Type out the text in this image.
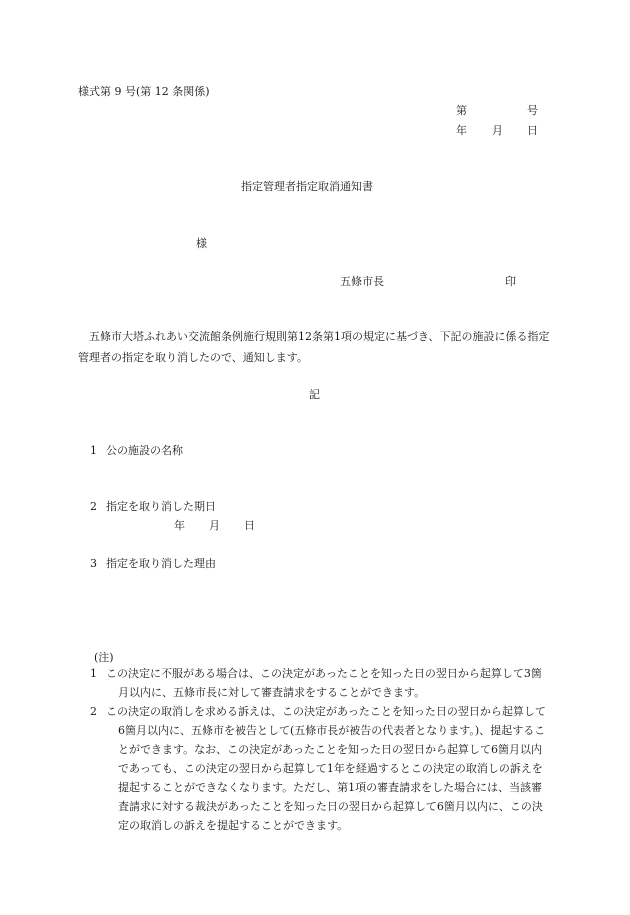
様式第 9 号(第 12 条関係)
第	号
年 月 日
指定管理者指定取消通知書
様
五條市長	印
五條市大塔ふれあい交流館条例施行規則第12条第1項の規定に基づき、下記の施設に係る指定管理者の指定を取り消したので、通知します。
記
1 公の施設の名称
2 指定を取り消した期日
年 月 日
3 指定を取り消した理由
(注)
1 この決定に不服がある場合は、この決定があったことを知った日の翌日から起算して3箇月以内に、五條市長に対して審査請求をすることができます。
2 この決定の取消しを求める訴えは、この決定があったことを知った日の翌日から起算して6箇月以内に、五條市を被告として(五條市長が被告の代表者となります。)、提起することができます。なお、この決定があったことを知った日の翌日から起算して6箇月以内であっても、この決定の翌日から起算して1年を経過するとこの決定の取消しの訴えを提起することができなくなります。ただし、第1項の審査請求をした場合には、当該審査請求に対する裁決があったことを知った日の翌日から起算して6箇月以内に、この決定の取消しの訴えを提起することができます。
